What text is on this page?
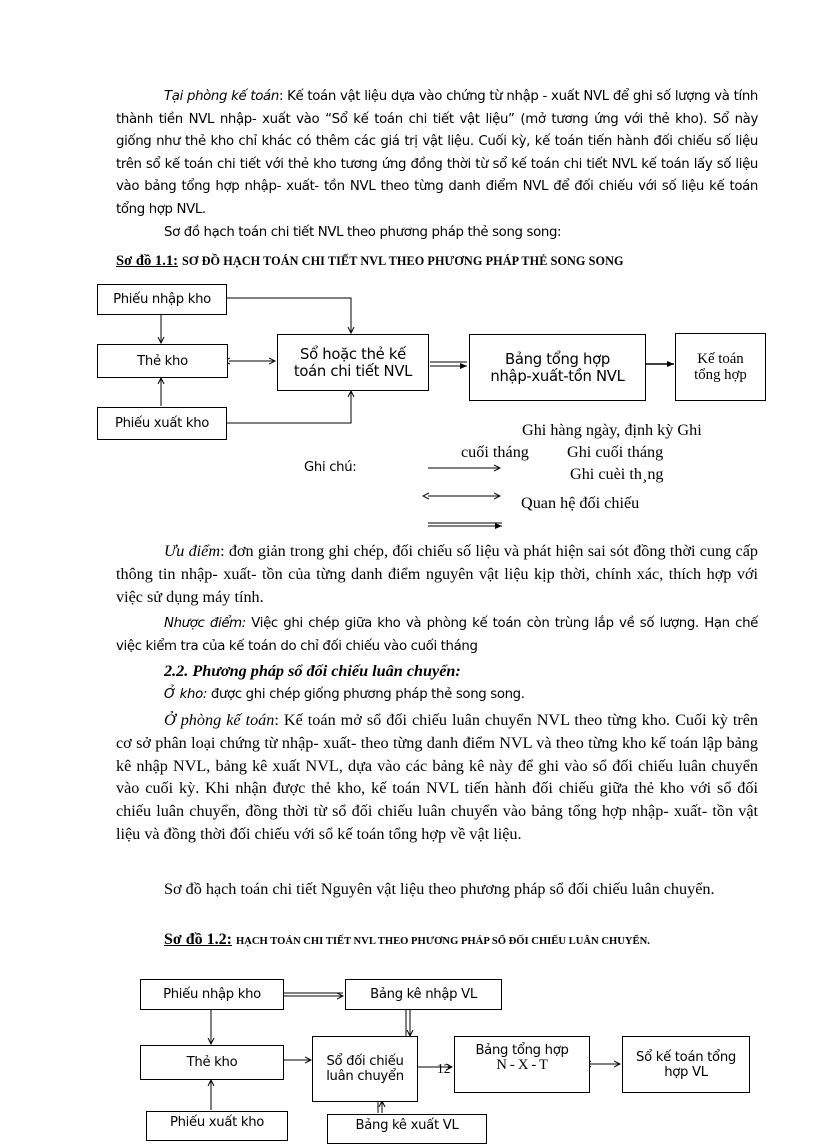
Tại phòng kế toán: Kế toán vật liệu dựa vào chứng từ nhập - xuất NVL để ghi số lượng và tính thành tiền NVL nhập- xuất vào “Sổ kế toán chi tiết vật liệu” (mở tương ứng với thẻ kho). Sổ này giống như thẻ kho chỉ khác có thêm các giá trị vật liệu. Cuối kỳ, kế toán tiến hành đối chiếu số liệu trên sổ kế toán chi tiết với thẻ kho tương ứng đồng thời từ sổ kế toán chi tiết NVL kế toán lấy số liệu vào bảng tổng hợp nhập- xuất- tồn NVL theo từng danh điểm NVL để đối chiếu với số liệu kế toán tổng hợp NVL.

Sơ đồ hạch toán chi tiết NVL theo phương pháp thẻ song song:

Sơ đồ 1.1: SƠ ĐỒ HẠCH TOÁN CHI TIẾT NVL THEO PHƯƠNG PHÁP THẺ SONG SONG
Phiếu nhập kho
Thẻ kho
Phiếu xuất kho
Sổ hoặc thẻ kế toán chi tiết NVL
Bảng tổng hợp nhập-xuất-tồn NVL
Kế toán tổng hợp
Ghi chú:
Ghi hàng ngày, định kỳ Ghi
cuối tháng Ghi cuối tháng
Ghi cuèi th¸ng
Quan hệ đối chiếu

Ưu điểm: đơn giản trong ghi chép, đối chiếu số liệu và phát hiện sai sót đồng thời cung cấp thông tin nhập- xuất- tồn của từng danh điểm nguyên vật liệu kịp thời, chính xác, thích hợp với việc sử dụng máy tính.

Nhược điểm: Việc ghi chép giữa kho và phòng kế toán còn trùng lắp về số lượng. Hạn chế việc kiểm tra của kế toán do chỉ đối chiếu vào cuối tháng

2.2. Phương pháp sổ đối chiếu luân chuyển:

Ở kho: được ghi chép giống phương pháp thẻ song song.

Ở phòng kế toán: Kế toán mở sổ đối chiếu luân chuyển NVL theo từng kho. Cuối kỳ trên cơ sở phân loại chứng từ nhập- xuất- theo từng danh điểm NVL và theo từng kho kế toán lập bảng kê nhập NVL, bảng kê xuất NVL, dựa vào các bảng kê này để ghi vào sổ đối chiếu luân chuyển vào cuối kỳ. Khi nhận được thẻ kho, kế toán NVL tiến hành đối chiếu giữa thẻ kho với sổ đối chiếu luân chuyển, đồng thời từ sổ đối chiếu luân chuyển vào bảng tổng hợp nhập- xuất- tồn vật liệu và đồng thời đối chiếu với sổ kế toán tổng hợp về vật liệu.

Sơ đồ hạch toán chi tiết Nguyên vật liệu theo phương pháp sổ đối chiếu luân chuyển.

Sơ đồ 1.2: HẠCH TOÁN CHI TIẾT NVL THEO PHƯƠNG PHÁP SỔ ĐỐI CHIẾU LUÂN CHUYỂN.
Phiếu nhập kho	Bảng kê nhập VL
Thẻ kho	Sổ đối chiếu luân chuyển
Bảng tổng hợp
N - X - T	Sổ kế toán tổng hợp VL
Phiếu xuất kho	Bảng kê xuất VL
12
